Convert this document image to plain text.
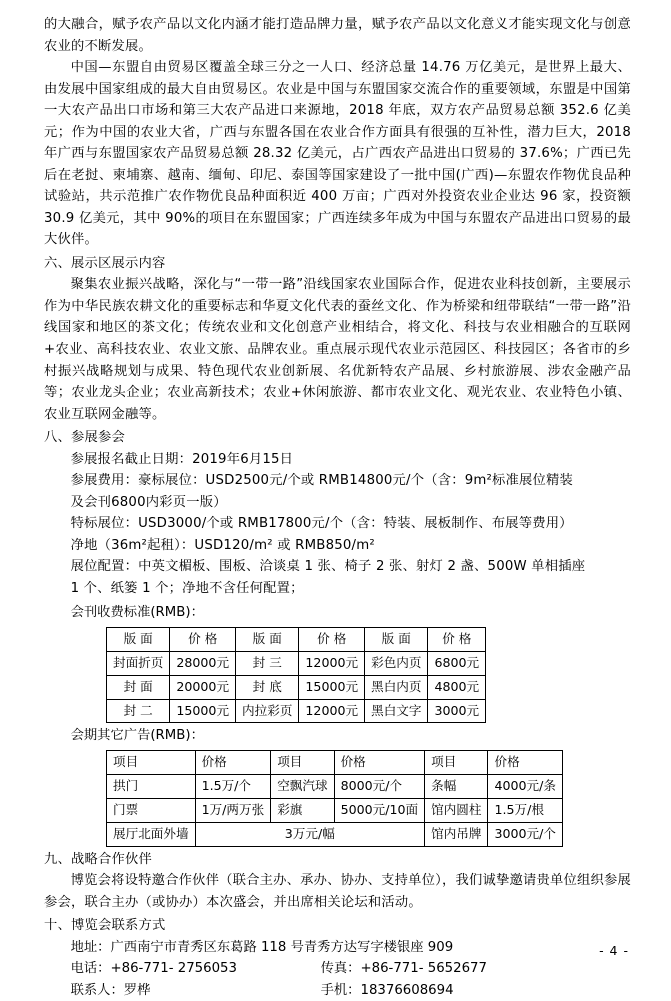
的大融合，赋予农产品以文化内涵才能打造品牌力量，赋予农产品以文化意义才能实现文化与创意农业的不断发展。

中国—东盟自由贸易区覆盖全球三分之一人口、经济总量 14.76 万亿美元，是世界上最大、由发展中国家组成的最大自由贸易区。农业是中国与东盟国家交流合作的重要领域，东盟是中国第一大农产品出口市场和第三大农产品进口来源地，2018 年底，双方农产品贸易总额 352.6 亿美元；作为中国的农业大省，广西与东盟各国在农业合作方面具有很强的互补性，潜力巨大，2018 年广西与东盟国家农产品贸易总额 28.32 亿美元，占广西农产品进出口贸易的 37.6%；广西已先后在老挝、柬埔寨、越南、缅甸、印尼、泰国等国家建设了一批中国(广西)—东盟农作物优良品种试验站，共示范推广农作物优良品种面积近 400 万亩；广西对外投资农业企业达 96 家，投资额 30.9 亿美元，其中 90%的项目在东盟国家；广西连续多年成为中国与东盟农产品进出口贸易的最大伙伴。

六、展示区展示内容

聚集农业振兴战略，深化与“一带一路”沿线国家农业国际合作，促进农业科技创新，主要展示作为中华民族农耕文化的重要标志和华夏文化代表的蚕丝文化、作为桥梁和纽带联结“一带一路”沿线国家和地区的茶文化；传统农业和文化创意产业相结合，将文化、科技与农业相融合的互联网+农业、高科技农业、农业文旅、品牌农业。重点展示现代农业示范园区、科技园区；各省市的乡村振兴战略规划与成果、特色现代农业创新展、名优新特农产品展、乡村旅游展、涉农金融产品等；农业龙头企业；农业高新技术；农业+休闲旅游、都市农业文化、观光农业、农业特色小镇、农业互联网金融等。

八、参展参会
参展报名截止日期：2019年6月15日
参展费用：豪标展位：USD2500元/个或 RMB14800元/个（含：9m²标准展位精装
及会刊6800内彩页一版）
特标展位：USD3000/个或 RMB17800元/个（含：特装、展板制作、布展等费用）
净地（36m²起租）：USD120/m² 或 RMB850/m²
展位配置：中英文楣板、围板、洽谈桌 1 张、椅子 2 张、射灯 2 盏、500W 单相插座
1 个、纸篓 1 个；净地不含任何配置；
会刊收费标准(RMB)：
版 面	价 格	版 面	价 格	版 面	价 格
封面折页	28000元	封 三	12000元	彩色内页	6800元
封 面	20000元	封 底	15000元	黑白内页	4800元
封 二	15000元	内拉彩页	12000元	黑白文字	3000元
会期其它广告(RMB)：
项目	价格	项目	价格	项目	价格
拱门	1.5万/个	空飘汽球	8000元/个	条幅	4000元/条
门票	1万/两万张	彩旗	5000元/10面	馆内圆柱	1.5万/根
展厅北面外墙	3万元/幅			馆内吊牌	3000元/个
九、战略合作伙伴

博览会将设特邀合作伙伴（联合主办、承办、协办、支持单位），我们诚挚邀请贵单位组织参展参会，联合主办（或协办）本次盛会，并出席相关论坛和活动。

十、博览会联系方式
地址：广西南宁市青秀区东葛路 118 号青秀方达写字楼银座 909
电话：+86-771- 2756053	传真：+86-771- 5652677
联系人：罗桦	手机：18376608694
- 4 -
